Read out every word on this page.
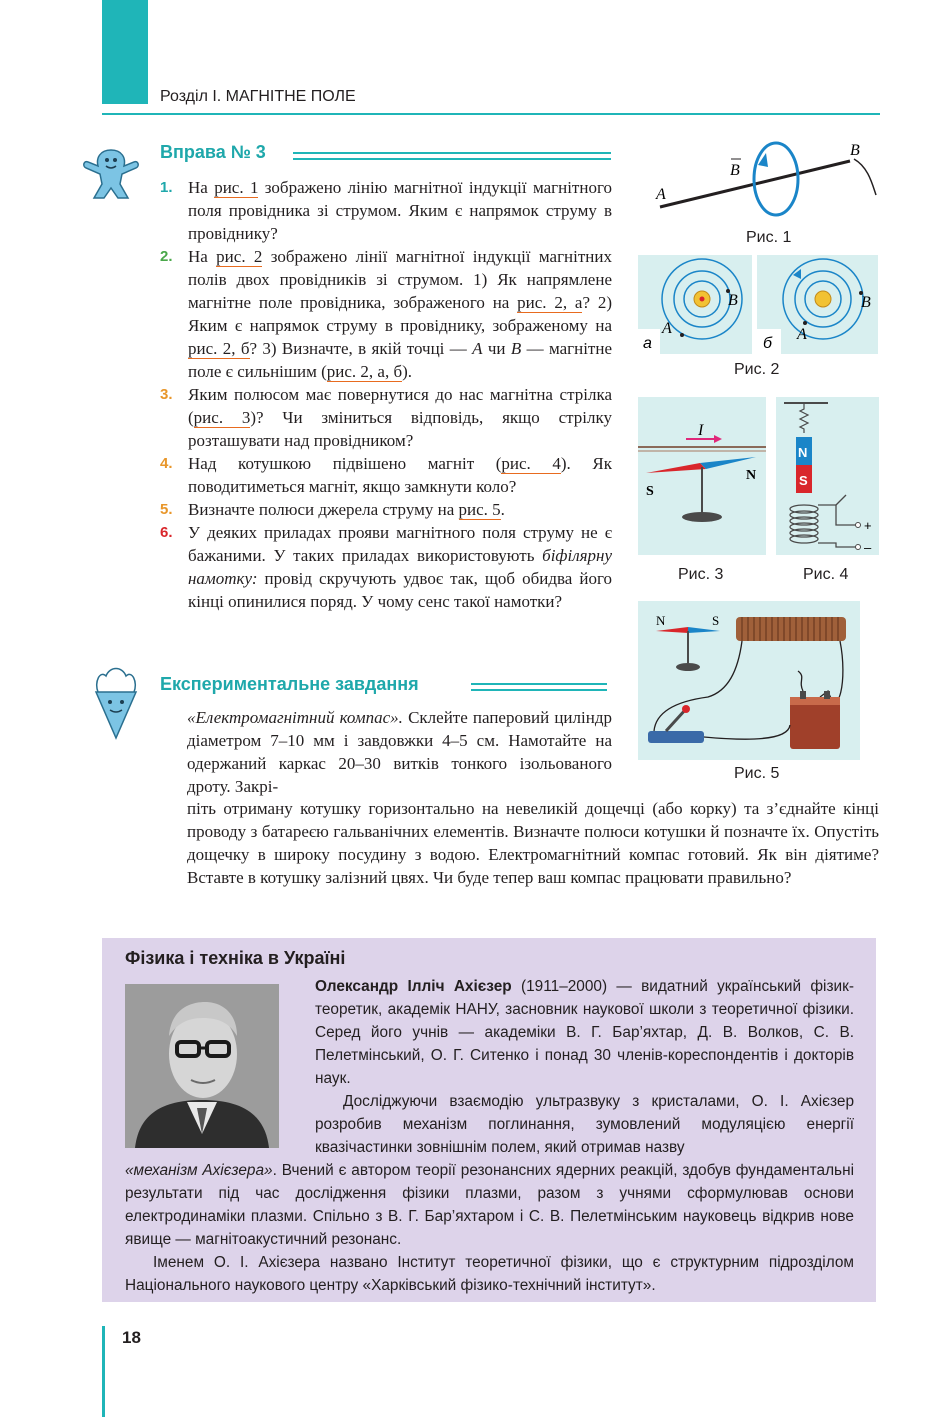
Розділ І. МАГНІТНЕ ПОЛЕ
Вправа № 3
1. На рис. 1 зображено лінію магнітної індукції магнітного поля провідника зі струмом. Яким є напрямок струму в провіднику?
2. На рис. 2 зображено лінії магнітної індукції магнітних полів двох провідників зі струмом. 1) Як напрямлене магнітне поле провідника, зображеного на рис. 2, а? 2) Яким є напрямок струму в провіднику, зображеному на рис. 2, б? 3) Визначте, в якій точці — A чи B — магнітне поле є сильнішим (рис. 2, а, б).
3. Яким полюсом має повернутися до нас магнітна стрілка (рис. 3)? Чи зміниться відповідь, якщо стрілку розташувати над провідником?
4. Над котушкою підвішено магніт (рис. 4). Як поводитиметься магніт, якщо замкнути коло?
5. Визначте полюси джерела струму на рис. 5.
6. У деяких приладах прояви магнітного поля струму не є бажаними. У таких приладах використовують біфілярну намотку: провід скручують удвоє так, щоб обидва його кінці опинилися поряд. У чому сенс такої намотки?
Експериментальне завдання
«Електромагнітний компас». Склейте паперовий циліндр діаметром 7–10 мм і завдовжки 4–5 см. Намотайте на одержаний каркас 20–30 витків тонкого ізольованого дроту. Закрі-
піть отриману котушку горизонтально на невеликій дощечці (або корку) та з’єднайте кінці проводу з батареєю гальванічних елементів. Визначте полюси котушки й позначте їх. Опустіть дощечку в широку посудину з водою. Електромагнітний компас готовий. Як він діятиме? Вставте в котушку залізний цвях. Чи буде тепер ваш компас працювати правильно?
A
B
B
Рис. 1
B
A
а
B
A
б
Рис. 2
I
S
N
Рис. 3
N
S
+
–
Рис. 4
N	S
Рис. 5
Фізика і техніка в Україні
Олександр Ілліч Ахієзер (1911–2000) — видатний український фізик-теоретик, академік НАНУ, засновник наукової школи з теоретичної фізики. Серед його учнів — академіки В. Г. Бар’яхтар, Д. В. Волков, С. В. Пелетмінський, О. Г. Ситенко і понад 30 членів-кореспондентів і докторів наук.
Досліджуючи взаємодію ультразвуку з кристалами, О. І. Ахієзер розробив механізм поглинання, зумовлений модуляцією енергії квазічастинки зовнішнім полем, який отримав назву
«механізм Ахієзера». Вчений є автором теорії резонансних ядерних реакцій, здобув фундаментальні результати під час дослідження фізики плазми, разом з учнями сформулював основи електродинаміки плазми. Спільно з В. Г. Бар’яхтаром і С. В. Пелетмінським науковець відкрив нове явище — магнітоакустичний резонанс.
Іменем О. І. Ахієзера названо Інститут теоретичної фізики, що є структурним підрозділом Національного наукового центру «Харківський фізико-технічний інститут».
18
